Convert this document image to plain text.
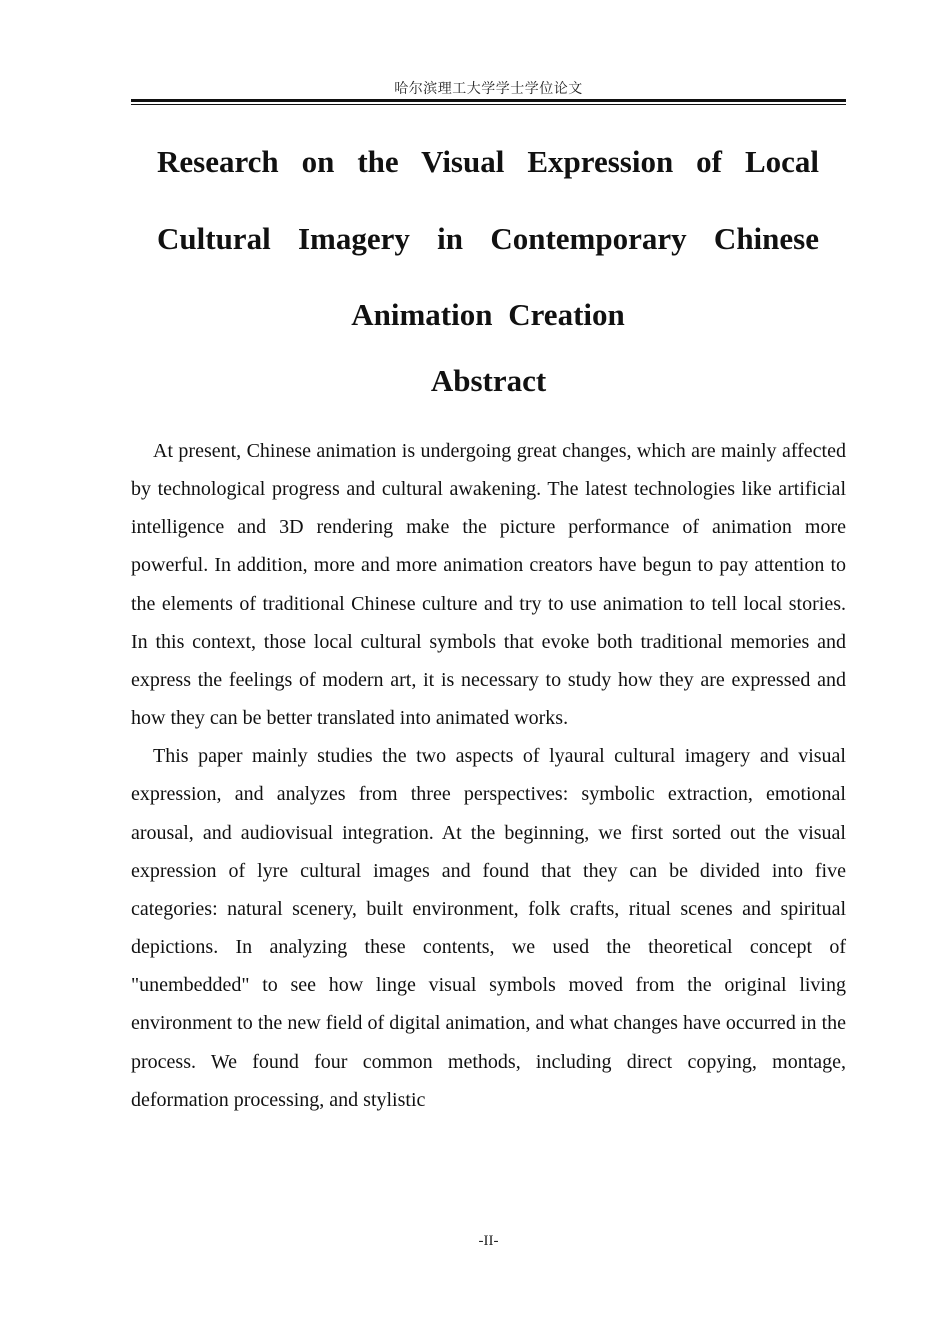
哈尔滨理工大学学士学位论文
Research on the Visual Expression of Local Cultural Imagery in Contemporary Chinese Animation Creation
Abstract

At present, Chinese animation is undergoing great changes, which are mainly affected by technological progress and cultural awakening. The latest technologies like artificial intelligence and 3D rendering make the picture performance of animation more powerful. In addition, more and more animation creators have begun to pay attention to the elements of traditional Chinese culture and try to use animation to tell local stories. In this context, those local cultural symbols that evoke both traditional memories and express the feelings of modern art, it is necessary to study how they are expressed and how they can be better translated into animated works.

This paper mainly studies the two aspects of lyaural cultural imagery and visual expression, and analyzes from three perspectives: symbolic extraction, emotional arousal, and audiovisual integration. At the beginning, we first sorted out the visual expression of lyre cultural images and found that they can be divided into five categories: natural scenery, built environment, folk crafts, ritual scenes and spiritual depictions. In analyzing these contents, we used the theoretical concept of "unembedded" to see how linge visual symbols moved from the original living environment to the new field of digital animation, and what changes have occurred in the process. We found four common methods, including direct copying, montage, deformation processing, and stylistic

-II-
